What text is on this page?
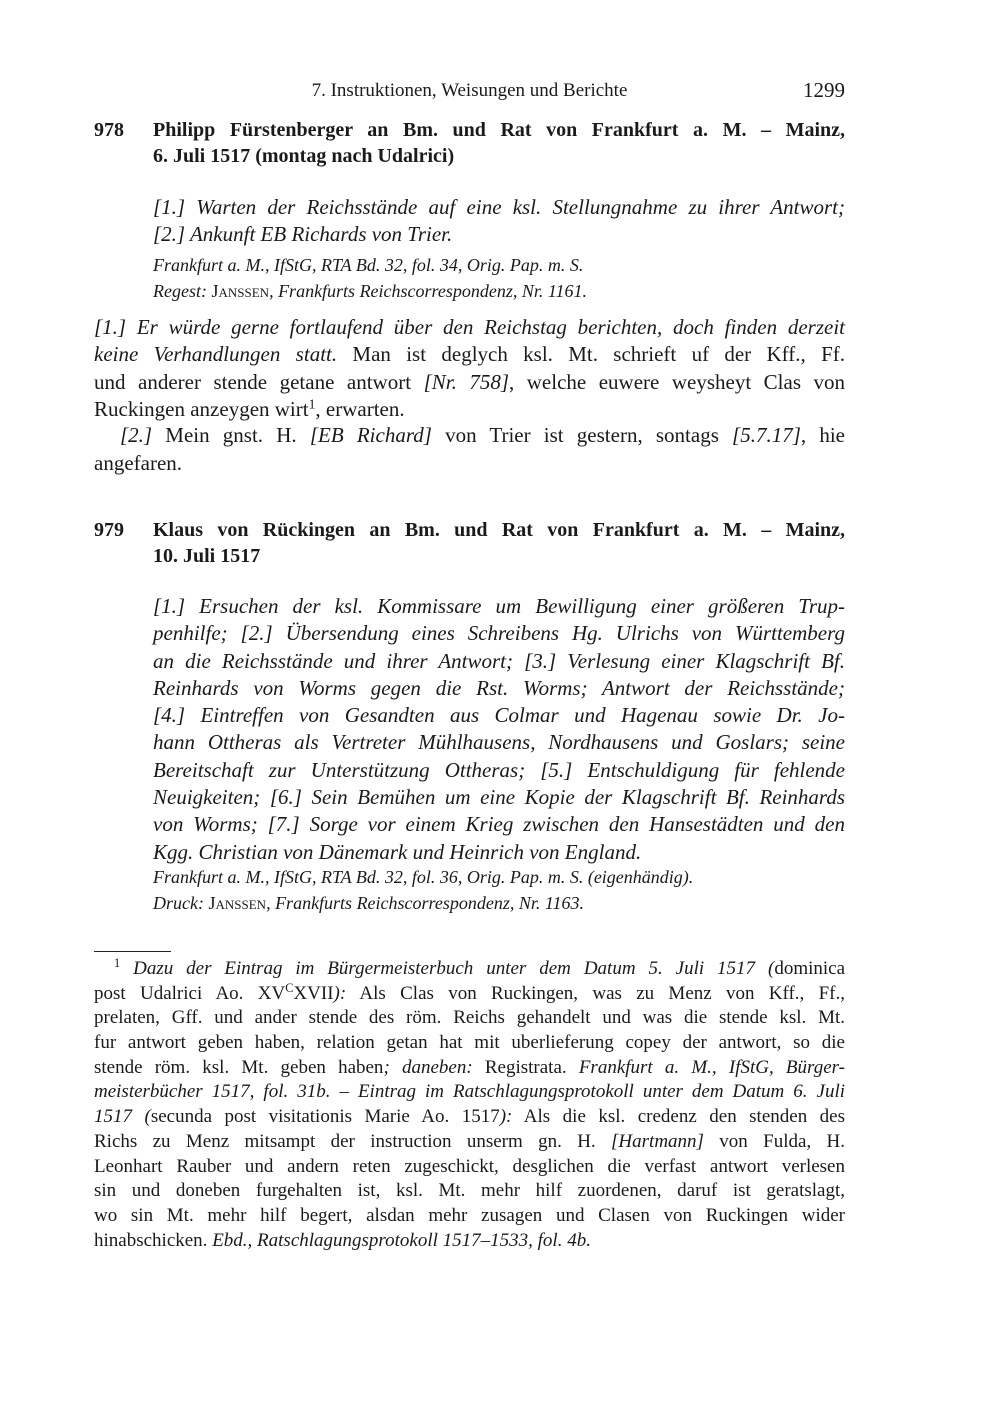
7. Instruktionen, Weisungen und Berichte	1299
978 Philipp Fürstenberger an Bm. und Rat von Frankfurt a. M. – Mainz,
6. Juli 1517 (montag nach Udalrici)
[1.] Warten der Reichsstände auf eine ksl. Stellungnahme zu ihrer Antwort;
[2.] Ankunft EB Richards von Trier.
Frankfurt a. M., IfStG, RTA Bd. 32, fol. 34, Orig. Pap. m. S.
Regest: Janssen, Frankfurts Reichscorrespondenz, Nr. 1161.
[1.] Er würde gerne fortlaufend über den Reichstag berichten, doch finden derzeit
keine Verhandlungen statt. Man ist deglych ksl. Mt. schrieft uf der Kff., Ff.
und anderer stende getane antwort [Nr. 758], welche euwere weysheyt Clas von
Ruckingen anzeygen wirt$^1$, erwarten.
[2.] Mein gnst. H. [EB Richard] von Trier ist gestern, sontags [5.7.17], hie
angefaren.
979 Klaus von Rückingen an Bm. und Rat von Frankfurt a. M. – Mainz,
10. Juli 1517
[1.] Ersuchen der ksl. Kommissare um Bewilligung einer größeren Trup-
penhilfe; [2.] Übersendung eines Schreibens Hg. Ulrichs von Württemberg
an die Reichsstände und ihrer Antwort; [3.] Verlesung einer Klagschrift Bf.
Reinhards von Worms gegen die Rst. Worms; Antwort der Reichsstände;
[4.] Eintreffen von Gesandten aus Colmar und Hagenau sowie Dr. Jo-
hann Ottheras als Vertreter Mühlhausens, Nordhausens und Goslars; seine
Bereitschaft zur Unterstützung Ottheras; [5.] Entschuldigung für fehlende
Neuigkeiten; [6.] Sein Bemühen um eine Kopie der Klagschrift Bf. Reinhards
von Worms; [7.] Sorge vor einem Krieg zwischen den Hansestädten und den
Kgg. Christian von Dänemark und Heinrich von England.
Frankfurt a. M., IfStG, RTA Bd. 32, fol. 36, Orig. Pap. m. S. (eigenhändig).
Druck: Janssen, Frankfurts Reichscorrespondenz, Nr. 1163.
$^1$ Dazu der Eintrag im Bürgermeisterbuch unter dem Datum 5. Juli 1517 (dominica
post Udalrici Ao. $XV^CXVII$): Als Clas von Ruckingen, was zu Menz von Kff., Ff.,
prelaten, Gff. und ander stende des röm. Reichs gehandelt und was die stende ksl. Mt.
fur antwort geben haben, relation getan hat mit uberlieferung copey der antwort, so die
stende röm. ksl. Mt. geben haben; daneben: Registrata. Frankfurt a. M., IfStG, Bürger-
meisterbücher 1517, fol. 31b. – Eintrag im Ratschlagungsprotokoll unter dem Datum 6. Juli
1517 (secunda post visitationis Marie Ao. 1517): Als die ksl. credenz den stenden des
Richs zu Menz mitsampt der instruction unserm gn. H. [Hartmann] von Fulda, H.
Leonhart Rauber und andern reten zugeschickt, desglichen die verfast antwort verlesen
sin und doneben furgehalten ist, ksl. Mt. mehr hilf zuordenen, daruf ist geratslagt,
wo sin Mt. mehr hilf begert, alsdan mehr zusagen und Clasen von Ruckingen wider
hinabschicken. Ebd., Ratschlagungsprotokoll 1517–1533, fol. 4b.
